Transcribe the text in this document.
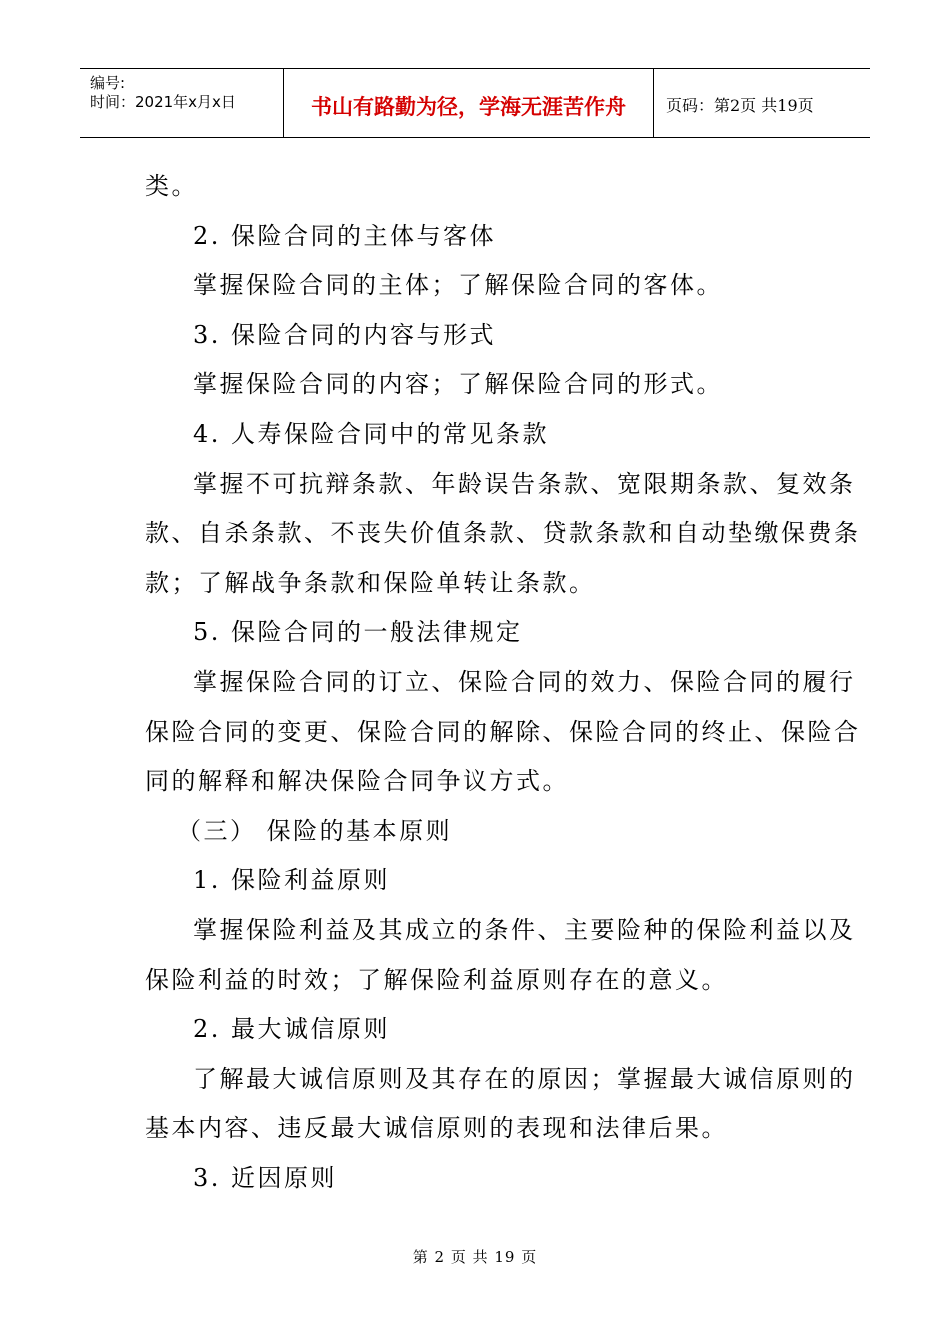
编号:
时间：2021年x月x日	书山有路勤为径，学海无涯苦作舟	页码：第2页 共19页

类。

2. 保险合同的主体与客体

掌握保险合同的主体；了解保险合同的客体。

3. 保险合同的内容与形式

掌握保险合同的内容；了解保险合同的形式。

4. 人寿保险合同中的常见条款

掌握不可抗辩条款、年龄误告条款、宽限期条款、复效条

款、自杀条款、不丧失价值条款、贷款条款和自动垫缴保费条

款；了解战争条款和保险单转让条款。

5. 保险合同的一般法律规定

掌握保险合同的订立、保险合同的效力、保险合同的履行

保险合同的变更、保险合同的解除、保险合同的终止、保险合

同的解释和解决保险合同争议方式。

（三） 保险的基本原则

1. 保险利益原则

掌握保险利益及其成立的条件、主要险种的保险利益以及

保险利益的时效；了解保险利益原则存在的意义。

2. 最大诚信原则

了解最大诚信原则及其存在的原因；掌握最大诚信原则的

基本内容、违反最大诚信原则的表现和法律后果。

3. 近因原则

第 2 页 共 19 页
